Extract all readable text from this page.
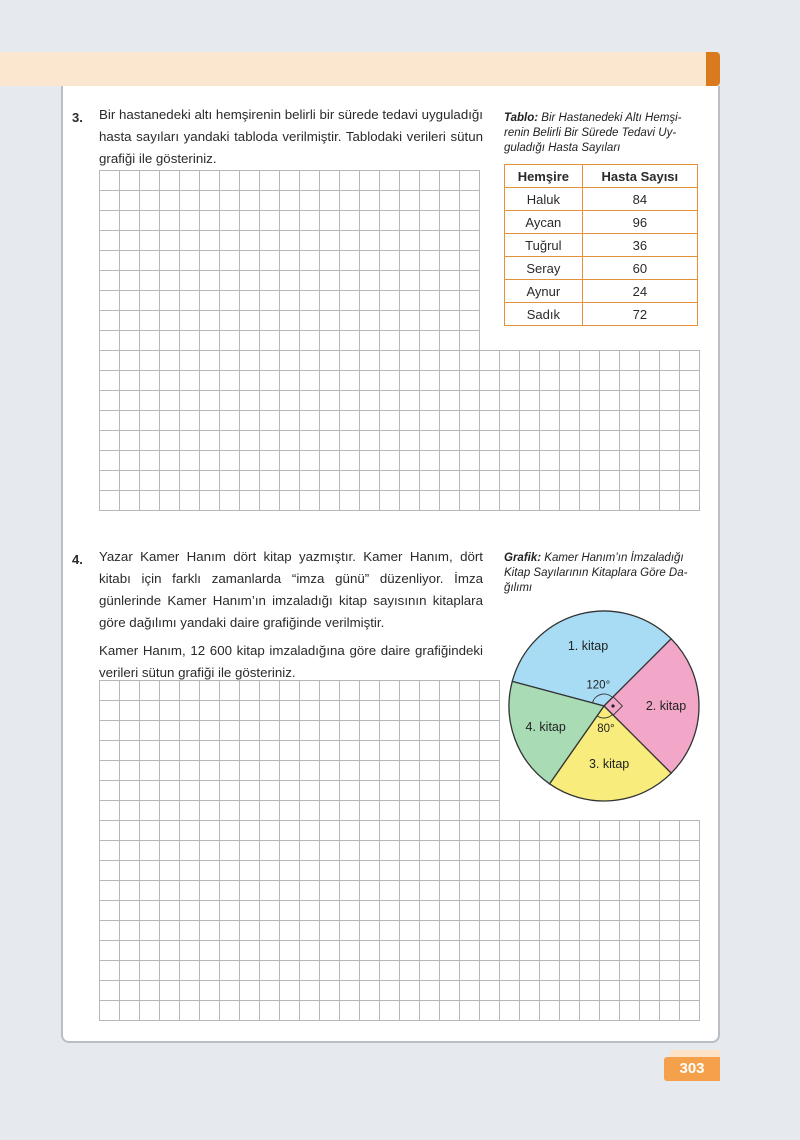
3. Bir hastanedeki altı hemşirenin belirli bir sürede tedavi uyguladığı hasta sayıları yandaki tabloda verilmiştir. Tablodaki verileri sütun grafiği ile gösteriniz.

Tablo: Bir Hastanedeki Altı Hemşirenin Belirli Bir Sürede Tedavi Uyguladığı Hasta Sayıları
Hemşire	Hasta Sayısı
Haluk	84
Aycan	96
Tuğrul	36
Seray	60
Aynur	24
Sadık	72
4. Yazar Kamer Hanım dört kitap yazmıştır. Kamer Hanım, dört kitabı için farklı zamanlarda “imza günü” düzenliyor. İmza günlerinde Kamer Hanım’ın imzaladığı kitap sayısının kitaplara göre dağılımı yandaki daire grafiğinde verilmiştir.

Kamer Hanım, 12 600 kitap imzaladığına göre daire grafiğindeki verileri sütun grafiği ile gösteriniz.

Grafik: Kamer Hanım’ın İmzaladığı Kitap Sayılarının Kitaplara Göre Dağılımı
1. kitap
120°
2. kitap
3. kitap
80°
4. kitap
303
